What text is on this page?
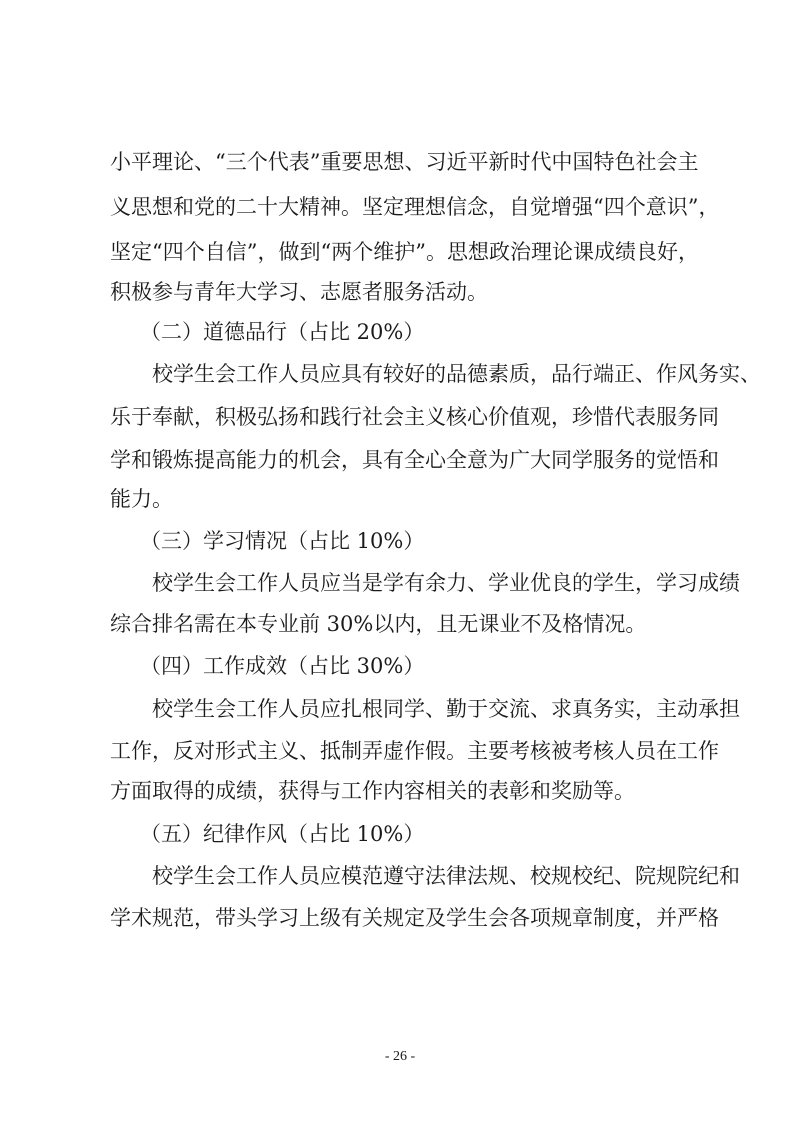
小平理论、“三个代表”重要思想、习近平新时代中国特色社会主
义思想和党的二十大精神。坚定理想信念，自觉增强“四个意识”，
坚定“四个自信”，做到“两个维护”。思想政治理论课成绩良好，
积极参与青年大学习、志愿者服务活动。
（二）道德品行（占比 20%）
校学生会工作人员应具有较好的品德素质，品行端正、作风务实、
乐于奉献，积极弘扬和践行社会主义核心价值观，珍惜代表服务同
学和锻炼提高能力的机会，具有全心全意为广大同学服务的觉悟和
能力。
（三）学习情况（占比 10%）
校学生会工作人员应当是学有余力、学业优良的学生，学习成绩
综合排名需在本专业前 30%以内，且无课业不及格情况。
（四）工作成效（占比 30%）
校学生会工作人员应扎根同学、勤于交流、求真务实，主动承担
工作，反对形式主义、抵制弄虚作假。主要考核被考核人员在工作
方面取得的成绩，获得与工作内容相关的表彰和奖励等。
（五）纪律作风（占比 10%）
校学生会工作人员应模范遵守法律法规、校规校纪、院规院纪和
学术规范，带头学习上级有关规定及学生会各项规章制度，并严格
- 26 -
